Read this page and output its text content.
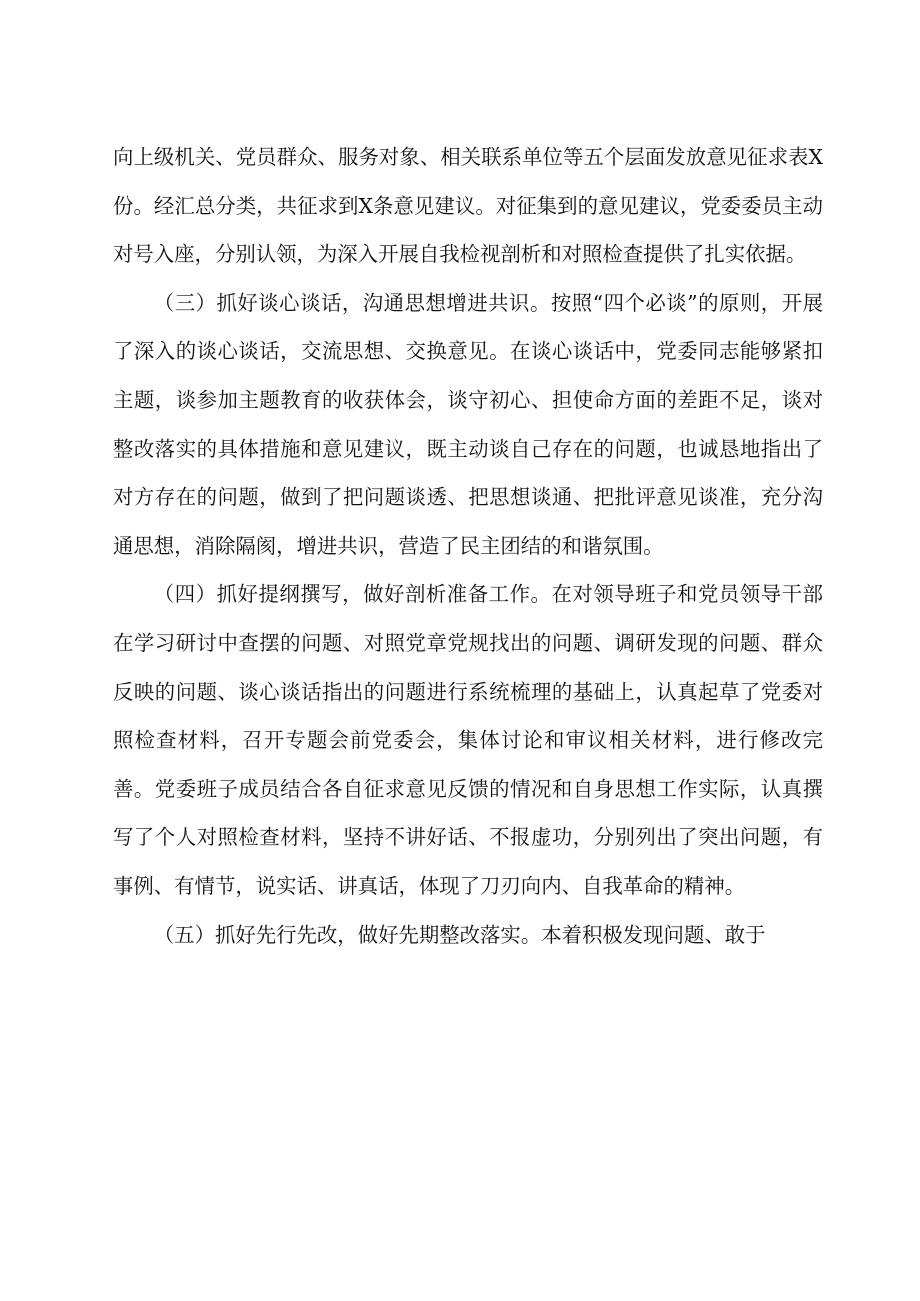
向上级机关、党员群众、服务对象、相关联系单位等五个层面发放意见征求表X份。经汇总分类，共征求到X条意见建议。对征集到的意见建议，党委委员主动对号入座，分别认领，为深入开展自我检视剖析和对照检查提供了扎实依据。

（三）抓好谈心谈话，沟通思想增进共识。按照“四个必谈”的原则，开展了深入的谈心谈话，交流思想、交换意见。在谈心谈话中，党委同志能够紧扣主题，谈参加主题教育的收获体会，谈守初心、担使命方面的差距不足，谈对整改落实的具体措施和意见建议，既主动谈自己存在的问题，也诚恳地指出了对方存在的问题，做到了把问题谈透、把思想谈通、把批评意见谈准，充分沟通思想，消除隔阂，增进共识，营造了民主团结的和谐氛围。

（四）抓好提纲撰写，做好剖析准备工作。在对领导班子和党员领导干部在学习研讨中查摆的问题、对照党章党规找出的问题、调研发现的问题、群众反映的问题、谈心谈话指出的问题进行系统梳理的基础上，认真起草了党委对照检查材料，召开专题会前党委会，集体讨论和审议相关材料，进行修改完善。党委班子成员结合各自征求意见反馈的情况和自身思想工作实际，认真撰写了个人对照检查材料，坚持不讲好话、不报虚功，分别列出了突出问题，有事例、有情节，说实话、讲真话，体现了刀刃向内、自我革命的精神。

（五）抓好先行先改，做好先期整改落实。本着积极发现问题、敢于
